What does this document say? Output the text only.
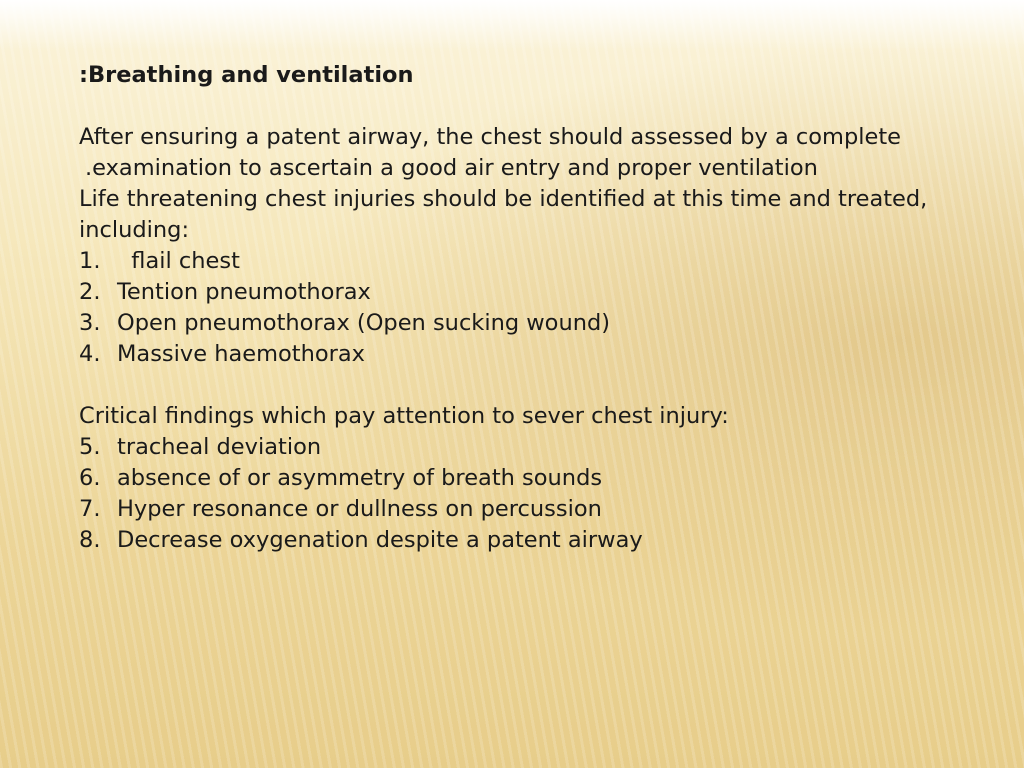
:Breathing and ventilation

After ensuring a patent airway, the chest should assessed by a complete

.examination to ascertain a good air entry and proper ventilation

Life threatening chest injuries should be identified at this time and treated, including:

1. flail chest
2. Tention pneumothorax
3. Open pneumothorax (Open sucking wound)
4. Massive haemothorax

Critical findings which pay attention to sever chest injury:

5. tracheal deviation
6. absence of or asymmetry of breath sounds
7. Hyper resonance or dullness on percussion
8. Decrease oxygenation despite a patent airway
